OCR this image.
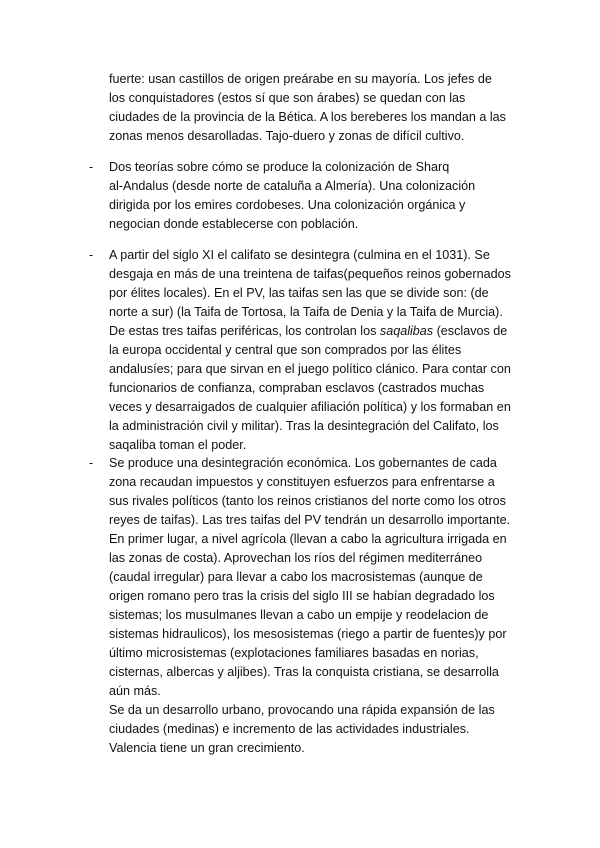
fuerte: usan castillos de origen preárabe en su mayoría. Los jefes de
los conquistadores (estos sí que son árabes) se quedan con las
ciudades de la provincia de la Bética. A los bereberes los mandan a las
zonas menos desarolladas. Tajo-duero y zonas de difícil cultivo.
- Dos teorías sobre cómo se produce la colonización de Sharq
al-Andalus (desde norte de cataluña a Almería). Una colonización
dirigida por los emires cordobeses. Una colonización orgánica y
negocian donde establecerse con población.
- A partir del siglo XI el califato se desintegra (culmina en el 1031). Se
desgaja en más de una treintena de taifas(pequeños reinos gobernados
por élites locales). En el PV, las taifas sen las que se divide son: (de
norte a sur) (la Taifa de Tortosa, la Taifa de Denia y la Taifa de Murcia).
De estas tres taifas periféricas, los controlan los saqalibas (esclavos de
la europa occidental y central que son comprados por las élites
andalusíes; para que sirvan en el juego político clánico. Para contar con
funcionarios de confianza, compraban esclavos (castrados muchas
veces y desarraigados de cualquier afiliación política) y los formaban en
la administración civil y militar). Tras la desintegración del Califato, los
saqaliba toman el poder.
- Se produce una desintegración económica. Los gobernantes de cada
zona recaudan impuestos y constituyen esfuerzos para enfrentarse a
sus rivales políticos (tanto los reinos cristianos del norte como los otros
reyes de taifas). Las tres taifas del PV tendrán un desarrollo importante.
En primer lugar, a nivel agrícola (llevan a cabo la agricultura irrigada en
las zonas de costa). Aprovechan los ríos del régimen mediterráneo
(caudal irregular) para llevar a cabo los macrosistemas (aunque de
origen romano pero tras la crisis del siglo III se habían degradado los
sistemas; los musulmanes llevan a cabo un empije y reodelacion de
sistemas hidraulicos), los mesosistemas (riego a partir de fuentes)y por
último microsistemas (explotaciones familiares basadas en norias,
cisternas, albercas y aljibes). Tras la conquista cristiana, se desarrolla
aún más.
Se da un desarrollo urbano, provocando una rápida expansión de las
ciudades (medinas) e incremento de las actividades industriales.
Valencia tiene un gran crecimiento.
